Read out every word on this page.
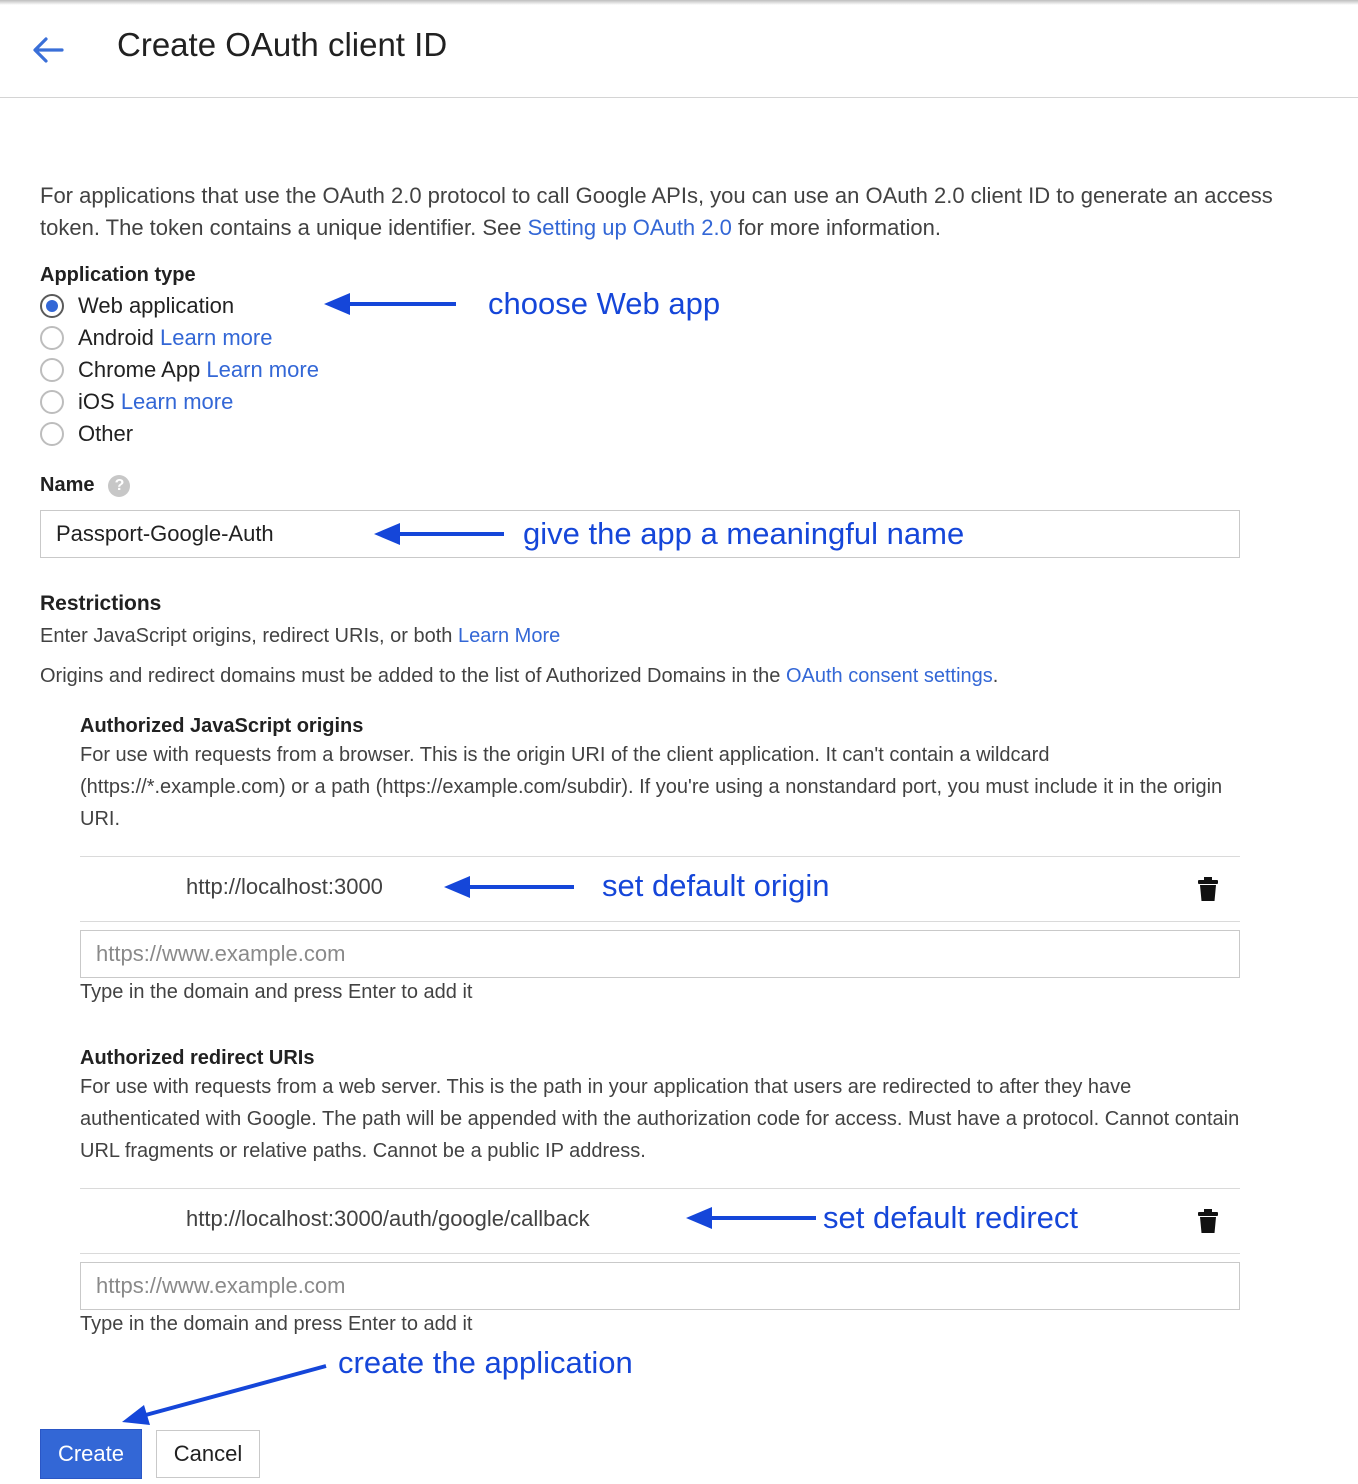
Create OAuth client ID
For applications that use the OAuth 2.0 protocol to call Google APIs, you can use an OAuth 2.0 client ID to generate an access token. The token contains a unique identifier. See Setting up OAuth 2.0 for more information.
Application type
Web application
Android
Learn more
Chrome App
Learn more
iOS
Learn more
Other
choose Web app
Name	?
Passport-Google-Auth
give the app a meaningful name
Restrictions
Enter JavaScript origins, redirect URIs, or both Learn More
Origins and redirect domains must be added to the list of Authorized Domains in the OAuth consent settings.
Authorized JavaScript origins
For use with requests from a browser. This is the origin URI of the client application. It can't contain a wildcard (https://*.example.com) or a path (https://example.com/subdir). If you're using a nonstandard port, you must include it in the origin URI.
http://localhost:3000	set default origin
https://www.example.com
Type in the domain and press Enter to add it
Authorized redirect URIs
For use with requests from a web server. This is the path in your application that users are redirected to after they have authenticated with Google. The path will be appended with the authorization code for access. Must have a protocol. Cannot contain URL fragments or relative paths. Cannot be a public IP address.
http://localhost:3000/auth/google/callback	set default redirect
https://www.example.com
Type in the domain and press Enter to add it
create the application
Create	Cancel
